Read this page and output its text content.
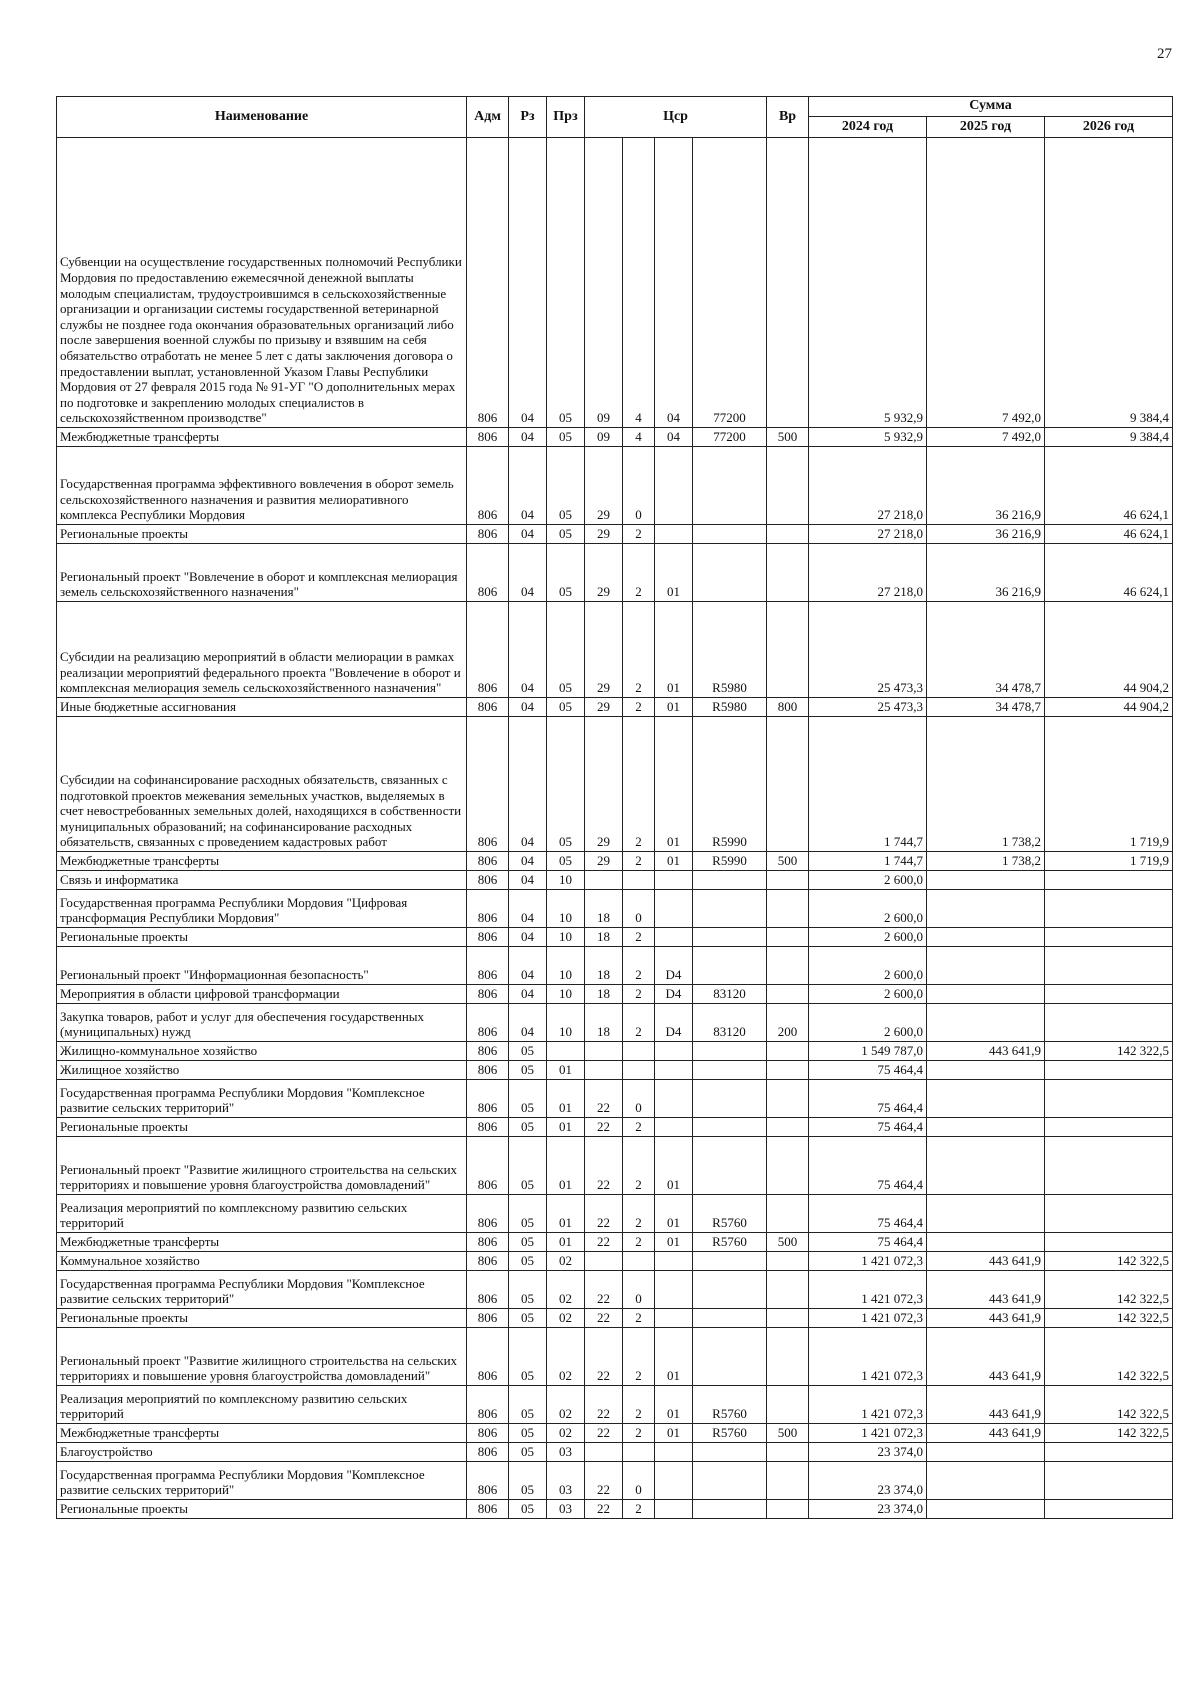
27
Наименование	Адм	Рз	Прз	Цср				Вр	Сумма		
									2024 год	2025 год	2026 год
Субвенции на осуществление государственных полномочий Республики Мордовия по предоставлению ежемесячной денежной выплаты молодым специалистам, трудоустроившимся в сельскохозяйственные организации и организации системы государственной ветеринарной службы не позднее года окончания образовательных организаций либо после завершения военной службы по призыву и взявшим на себя обязательство отработать не менее 5 лет с даты заключения договора о предоставлении выплат, установленной Указом Главы Республики Мордовия от 27 февраля 2015 года № 91-УГ "О дополнительных мерах по подготовке и закреплению молодых специалистов в сельскохозяйственном производстве"	806	04	05	09	4	04	77200		5 932,9	7 492,0	9 384,4
Межбюджетные трансферты	806	04	05	09	4	04	77200	500	5 932,9	7 492,0	9 384,4
Государственная программа эффективного вовлечения в оборот земель сельскохозяйственного назначения и развития мелиоративного комплекса Республики Мордовия	806	04	05	29	0				27 218,0	36 216,9	46 624,1
Региональные проекты	806	04	05	29	2				27 218,0	36 216,9	46 624,1
Региональный проект "Вовлечение в оборот и комплексная мелиорация земель сельскохозяйственного назначения"	806	04	05	29	2	01			27 218,0	36 216,9	46 624,1
Субсидии на реализацию мероприятий в области мелиорации в рамках реализации мероприятий федерального проекта "Вовлечение в оборот и комплексная мелиорация земель сельскохозяйственного назначения"	806	04	05	29	2	01	R5980		25 473,3	34 478,7	44 904,2
Иные бюджетные ассигнования	806	04	05	29	2	01	R5980	800	25 473,3	34 478,7	44 904,2
Субсидии на софинансирование расходных обязательств, связанных с подготовкой проектов межевания земельных участков, выделяемых в счет невостребованных земельных долей, находящихся в собственности муниципальных образований; на софинансирование расходных обязательств, связанных с проведением кадастровых работ	806	04	05	29	2	01	R5990		1 744,7	1 738,2	1 719,9
Межбюджетные трансферты	806	04	05	29	2	01	R5990	500	1 744,7	1 738,2	1 719,9
Связь и информатика	806	04	10						2 600,0		
Государственная программа Республики Мордовия "Цифровая трансформация Республики Мордовия"	806	04	10	18	0				2 600,0		
Региональные проекты	806	04	10	18	2				2 600,0		
Региональный проект "Информационная безопасность"	806	04	10	18	2	D4			2 600,0		
Мероприятия в области цифровой трансформации	806	04	10	18	2	D4	83120		2 600,0		
Закупка товаров, работ и услуг для обеспечения государственных (муниципальных) нужд	806	04	10	18	2	D4	83120	200	2 600,0		
Жилищно-коммунальное хозяйство	806	05							1 549 787,0	443 641,9	142 322,5
Жилищное хозяйство	806	05	01						75 464,4		
Государственная программа Республики Мордовия "Комплексное развитие сельских территорий"	806	05	01	22	0				75 464,4		
Региональные проекты	806	05	01	22	2				75 464,4		
Региональный проект "Развитие жилищного строительства на сельских территориях и повышение уровня благоустройства домовладений"	806	05	01	22	2	01			75 464,4		
Реализация мероприятий по комплексному развитию сельских территорий	806	05	01	22	2	01	R5760		75 464,4		
Межбюджетные трансферты	806	05	01	22	2	01	R5760	500	75 464,4		
Коммунальное хозяйство	806	05	02						1 421 072,3	443 641,9	142 322,5
Государственная программа Республики Мордовия "Комплексное развитие сельских территорий"	806	05	02	22	0				1 421 072,3	443 641,9	142 322,5
Региональные проекты	806	05	02	22	2				1 421 072,3	443 641,9	142 322,5
Региональный проект "Развитие жилищного строительства на сельских территориях и повышение уровня благоустройства домовладений"	806	05	02	22	2	01			1 421 072,3	443 641,9	142 322,5
Реализация мероприятий по комплексному развитию сельских территорий	806	05	02	22	2	01	R5760		1 421 072,3	443 641,9	142 322,5
Межбюджетные трансферты	806	05	02	22	2	01	R5760	500	1 421 072,3	443 641,9	142 322,5
Благоустройство	806	05	03						23 374,0		
Государственная программа Республики Мордовия "Комплексное развитие сельских территорий"	806	05	03	22	0				23 374,0		
Региональные проекты	806	05	03	22	2				23 374,0		
